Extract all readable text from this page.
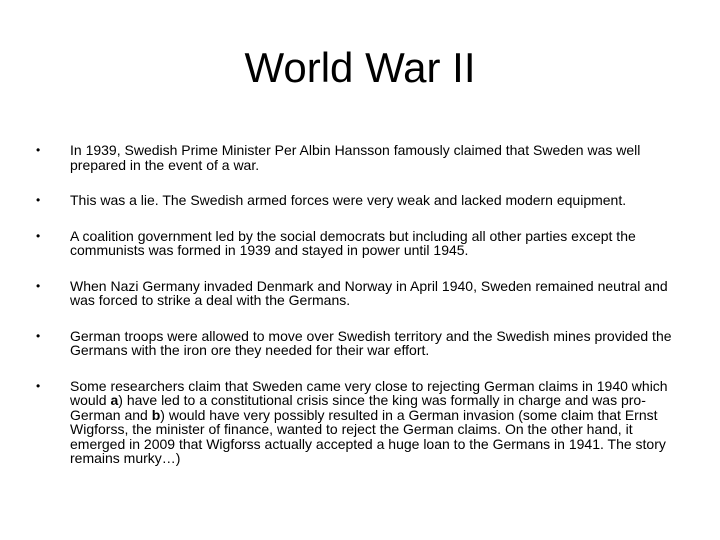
World War II
• In 1939, Swedish Prime Minister Per Albin Hansson famously claimed that Sweden was well prepared in the event of a war.
• This was a lie. The Swedish armed forces were very weak and lacked modern equipment.
• A coalition government led by the social democrats but including all other parties except the communists was formed in 1939 and stayed in power until 1945.
• When Nazi Germany invaded Denmark and Norway in April 1940, Sweden remained neutral and was forced to strike a deal with the Germans.
• German troops were allowed to move over Swedish territory and the Swedish mines provided the Germans with the iron ore they needed for their war effort.
• Some researchers claim that Sweden came very close to rejecting German claims in 1940 which would a) have led to a constitutional crisis since the king was formally in charge and was pro-German and b) would have very possibly resulted in a German invasion (some claim that Ernst Wigforss, the minister of finance, wanted to reject the German claims. On the other hand, it emerged in 2009 that Wigforss actually accepted a huge loan to the Germans in 1941. The story remains murky…)
